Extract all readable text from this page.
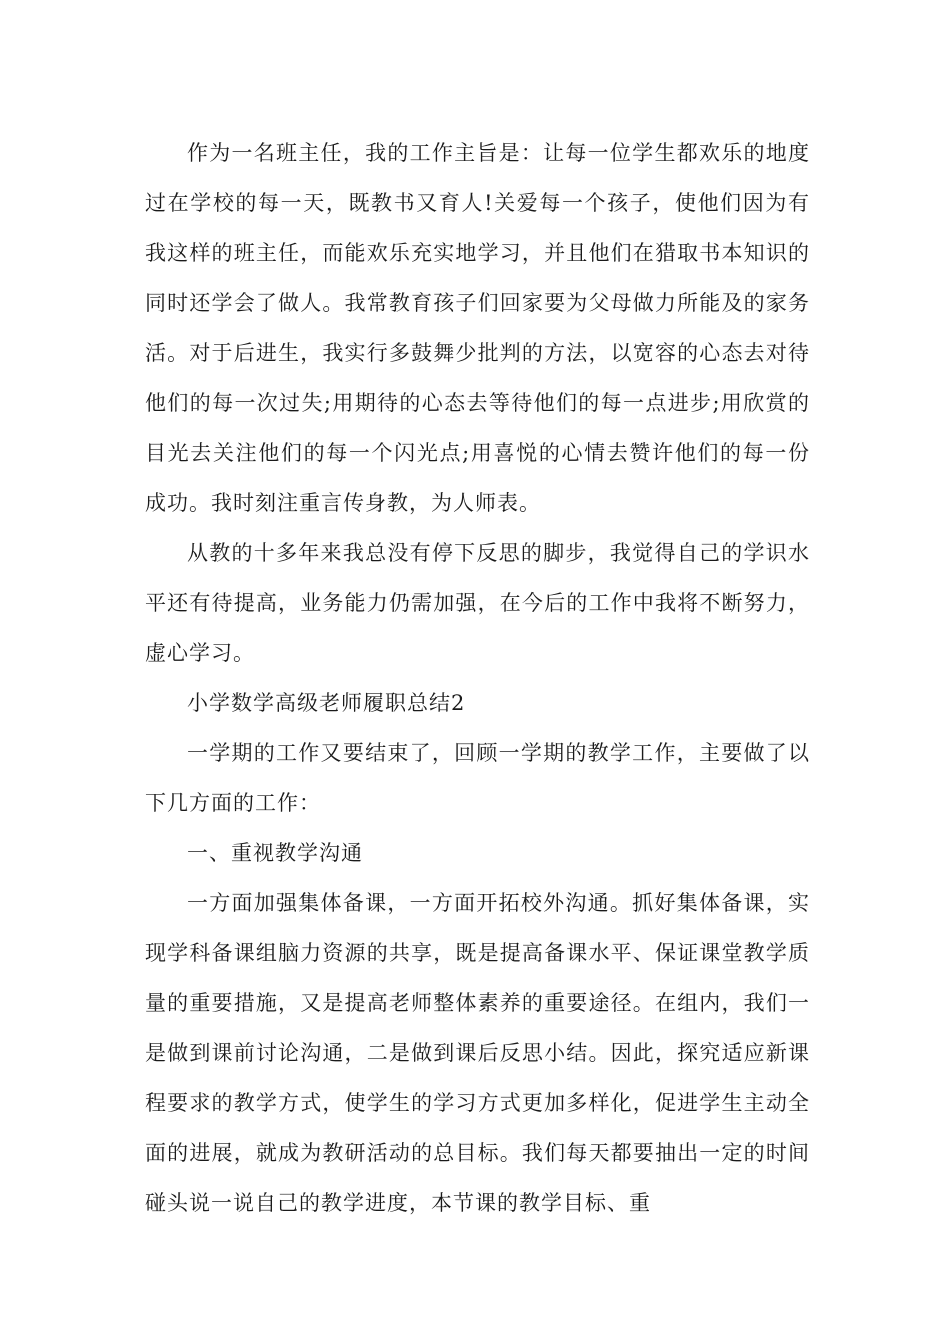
作为一名班主任，我的工作主旨是：让每一位学生都欢乐的地度过在学校的每一天，既教书又育人!关爱每一个孩子，使他们因为有我这样的班主任，而能欢乐充实地学习，并且他们在猎取书本知识的同时还学会了做人。我常教育孩子们回家要为父母做力所能及的家务活。对于后进生，我实行多鼓舞少批判的方法，以宽容的心态去对待他们的每一次过失;用期待的心态去等待他们的每一点进步;用欣赏的目光去关注他们的每一个闪光点;用喜悦的心情去赞许他们的每一份成功。我时刻注重言传身教，为人师表。

从教的十多年来我总没有停下反思的脚步，我觉得自己的学识水平还有待提高，业务能力仍需加强，在今后的工作中我将不断努力，虚心学习。

小学数学高级老师履职总结2

一学期的工作又要结束了，回顾一学期的教学工作，主要做了以下几方面的工作：

一、重视教学沟通

一方面加强集体备课，一方面开拓校外沟通。抓好集体备课，实现学科备课组脑力资源的共享，既是提高备课水平、保证课堂教学质量的重要措施，又是提高老师整体素养的重要途径。在组内，我们一是做到课前讨论沟通，二是做到课后反思小结。因此，探究适应新课程要求的教学方式，使学生的学习方式更加多样化，促进学生主动全面的进展，就成为教研活动的总目标。我们每天都要抽出一定的时间碰头说一说自己的教学进度，本节课的教学目标、重
